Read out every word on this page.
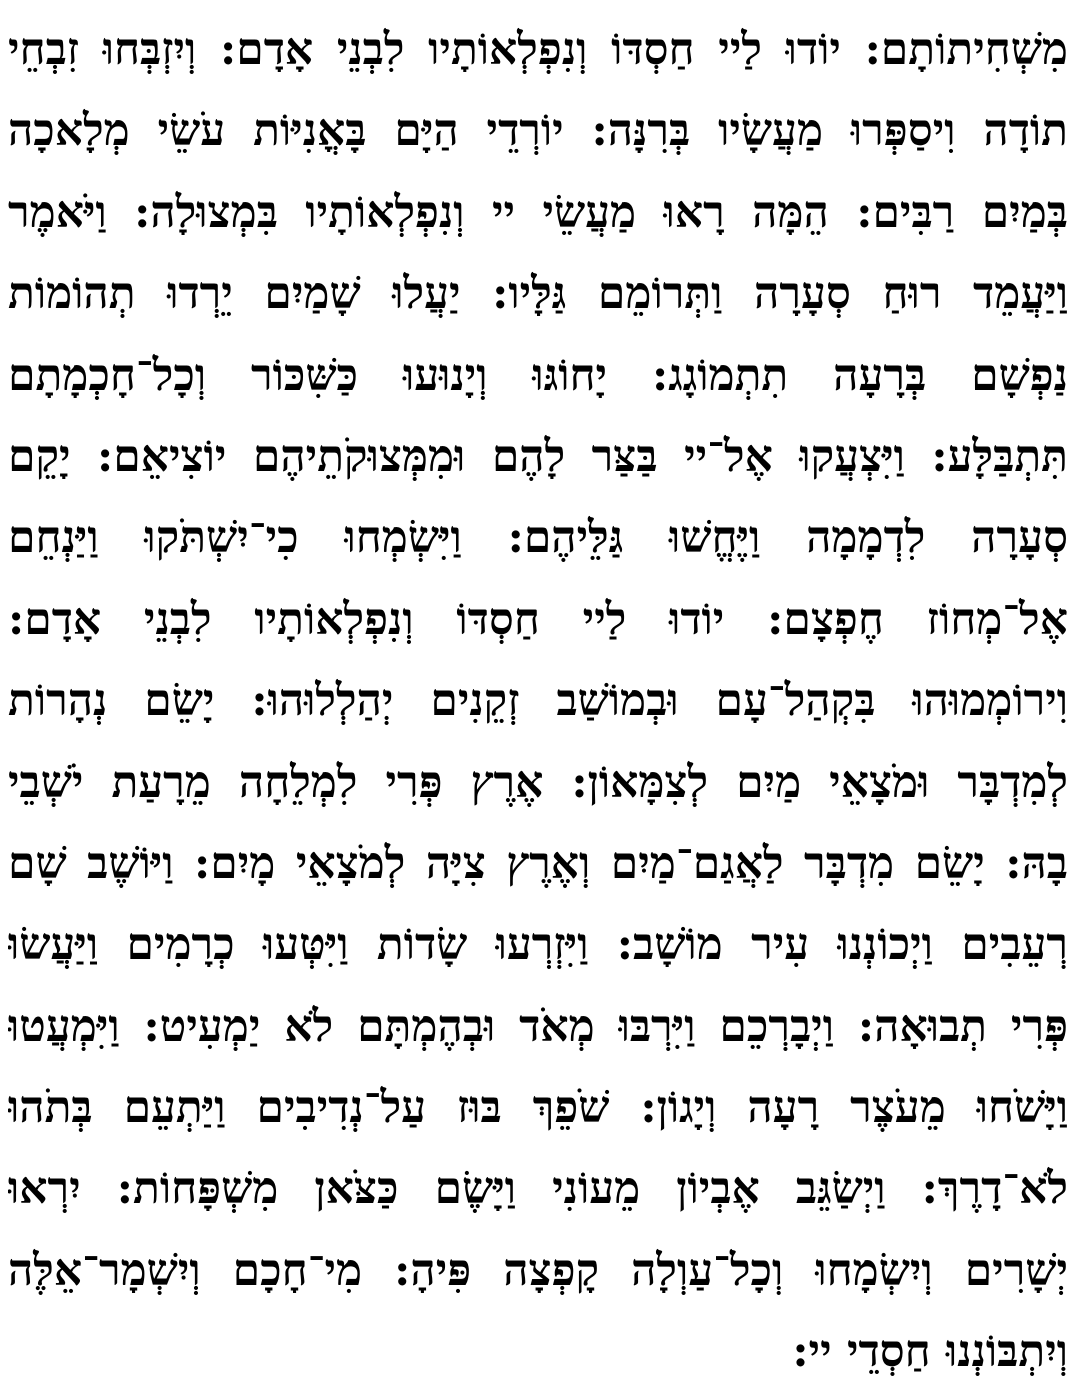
מִשְׁחִיתוֹתָם: יוֹדוּ לַיי חַסְדּוֹ וְנִפְלְאוֹתָיו לִבְנֵי אָדָם: וְיִזְבְּחוּ זִבְחֵי
תוֹדָה וִיסַפְּרוּ מַעֲשָׂיו בְּרִנָּה: יוֹרְדֵי הַיָּם בָּאֳנִיּוֹת עֹשֵׂי מְלָאכָה
בְּמַיִם רַבִּים: הֵמָּה רָאוּ מַעֲשֵׂי יי וְנִפְלְאוֹתָיו בִּמְצוּלָה: וַיֹּאמֶר
וַיַּעֲמֵד רוּחַ סְעָרָה וַתְּרוֹמֵם גַּלָּיו: יַעֲלוּ שָׁמַיִם יֵרְדוּ תְהוֹמוֹת
נַפְשָׁם בְּרָעָה תִתְמוֹגָג: יָחוֹגּוּ וְיָנוּעוּ כַּשִּׁכּוֹר וְכָל־חָכְמָתָם
תִּתְבַּלָּע: וַיִּצְעֲקוּ אֶל־יי בַּצַּר לָהֶם וּמִמְּצוּקֹתֵיהֶם יוֹצִיאֵם: יָקֵם
סְעָרָה לִדְמָמָה וַיֶּחֱשׁוּ גַּלֵּיהֶם: וַיִּשְׂמְחוּ כִי־יִשְׁתֹּקוּ וַיַּנְחֵם
אֶל־מְחוֹז חֶפְצָם: יוֹדוּ לַיי חַסְדּוֹ וְנִפְלְאוֹתָיו לִבְנֵי אָדָם:
וִירוֹמְמוּהוּ בִּקְהַל־עָם וּבְמוֹשַׁב זְקֵנִים יְהַלְלוּהוּ: יָשֵׂם נְהָרוֹת
לְמִדְבָּר וּמֹצָאֵי מַיִם לְצִמָּאוֹן: אֶרֶץ פְּרִי לִמְלֵחָה מֵרָעַת יֹשְׁבֵי
בָהּ: יָשֵׂם מִדְבָּר לַאֲגַם־מַיִם וְאֶרֶץ צִיָּה לְמֹצָאֵי מָיִם: וַיּוֹשֶׁב שָׁם
רְעֵבִים וַיְכוֹנְנוּ עִיר מוֹשָׁב: וַיִּזְרְעוּ שָׂדוֹת וַיִּטְּעוּ כְרָמִים וַיַּעֲשׂוּ
פְּרִי תְבוּאָה: וַיְבָרְכֵם וַיִּרְבּוּ מְאֹד וּבְהֶמְתָּם לֹא יַמְעִיט: וַיִּמְעֲטוּ
וַיָּשֹׁחוּ מֵעֹצֶר רָעָה וְיָגוֹן: שֹׁפֵךְ בּוּז עַל־נְדִיבִים וַיַּתְעֵם בְּתֹהוּ
לֹא־דָרֶךְ: וַיְשַׂגֵּב אֶבְיוֹן מֵעוֹנִי וַיָּשֶׂם כַּצֹּאן מִשְׁפָּחוֹת: יִרְאוּ
יְשָׁרִים וְיִשְׂמָחוּ וְכָל־עַוְלָה קָפְצָה פִּיהָ: מִי־חָכָם וְיִשְׁמָר־אֵלֶּה
וְיִתְבּוֹנְנוּ חַסְדֵי יי:
